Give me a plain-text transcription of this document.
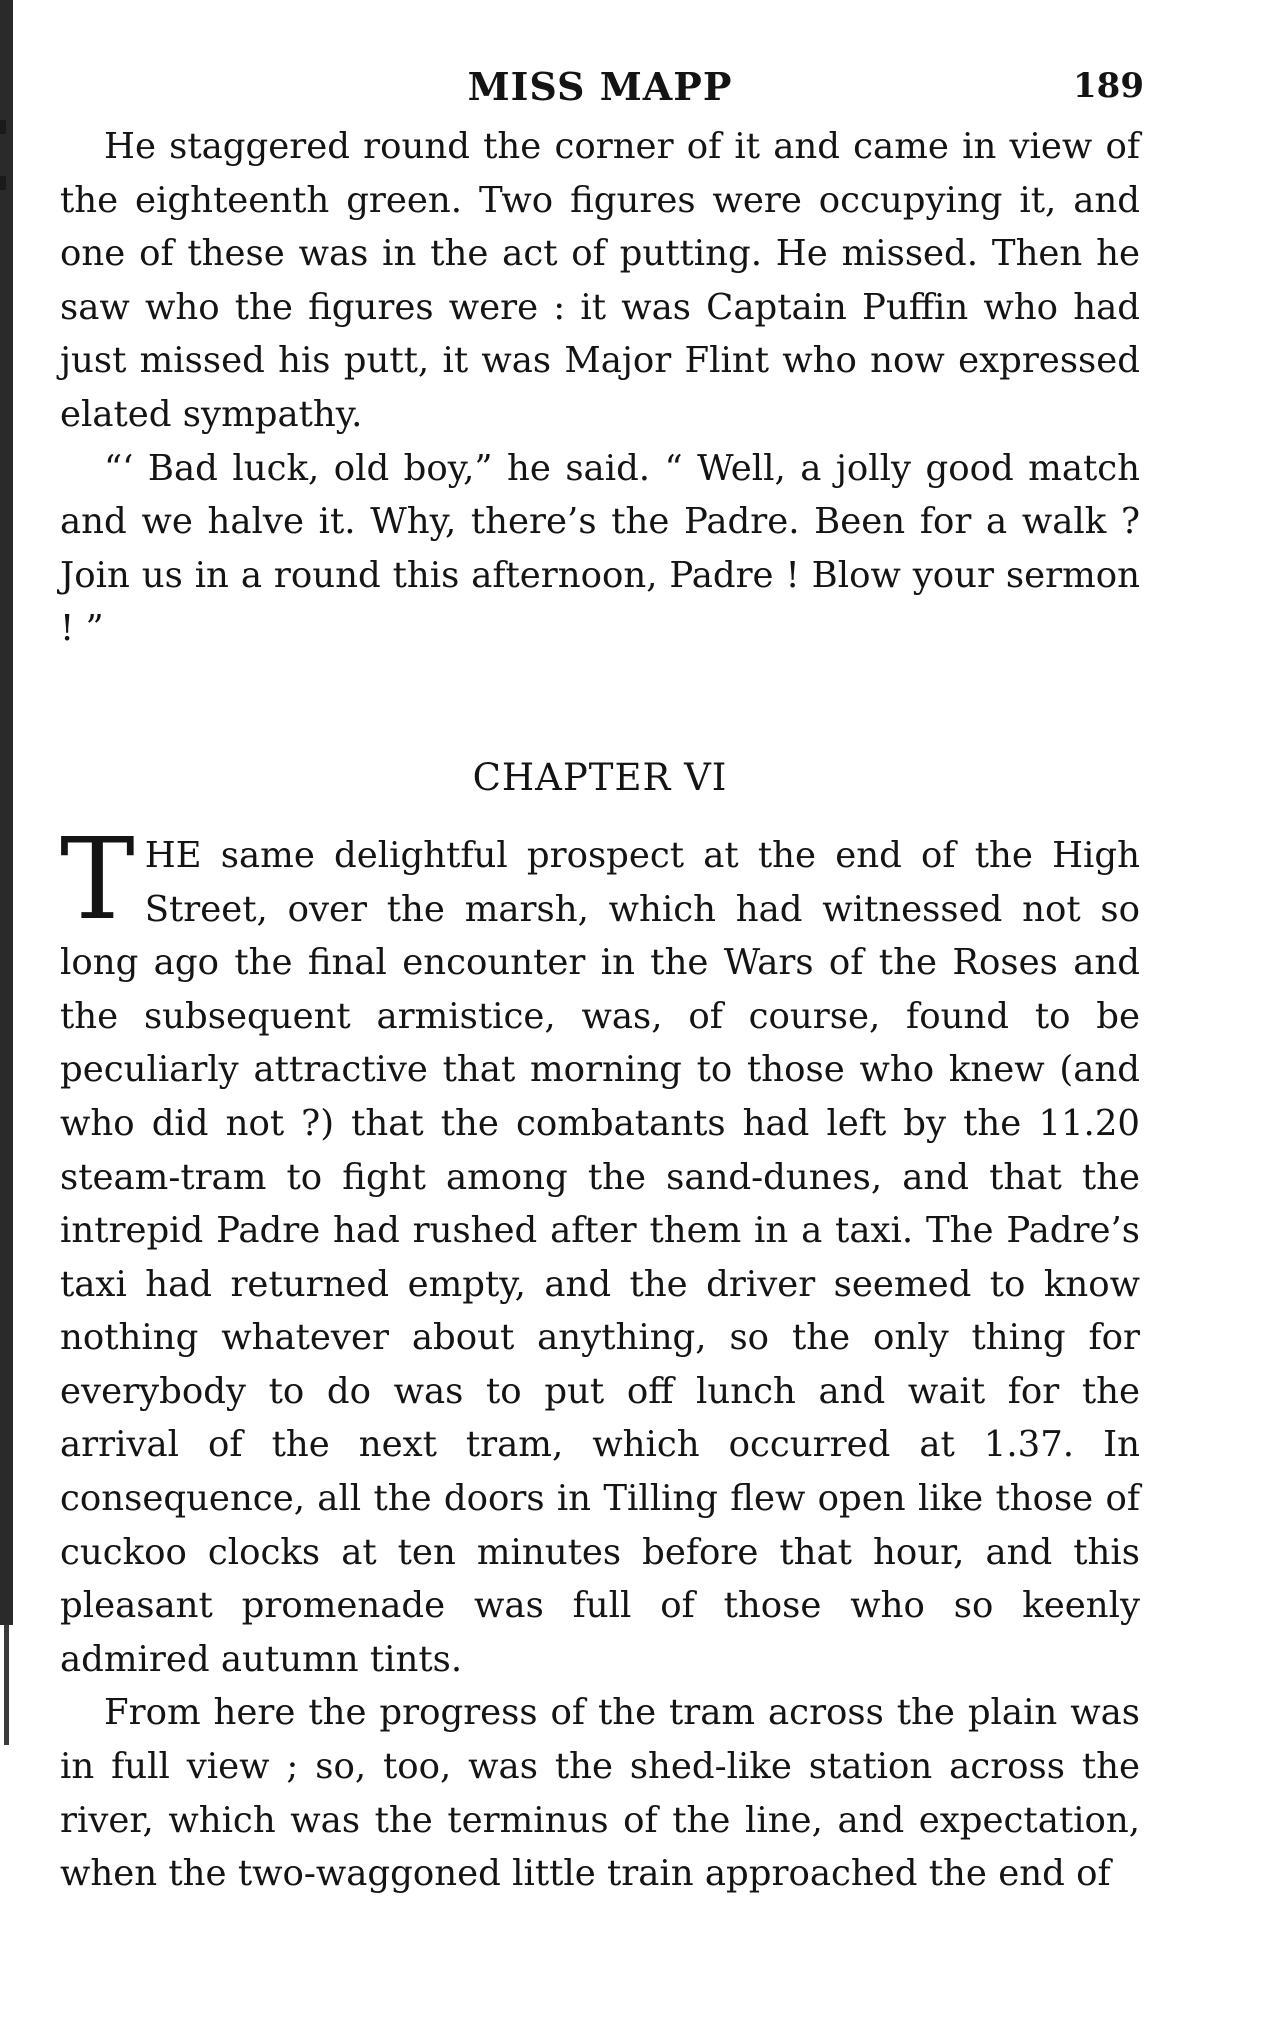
MISS MAPP	189

He staggered round the corner of it and came in view of the eighteenth green. Two figures were occupying it, and one of these was in the act of putting. He missed. Then he saw who the figures were : it was Captain Puffin who had just missed his putt, it was Major Flint who now expressed elated sympathy.

“‘ Bad luck, old boy,” he said. “ Well, a jolly good match and we halve it. Why, there’s the Padre. Been for a walk ? Join us in a round this afternoon, Padre ! Blow your sermon ! ”

CHAPTER VI

THE same delightful prospect at the end of the High Street, over the marsh, which had witnessed not so long ago the final encounter in the Wars of the Roses and the subsequent armistice, was, of course, found to be peculiarly attractive that morning to those who knew (and who did not ?) that the combatants had left by the 11.20 steam-tram to fight among the sand-dunes, and that the intrepid Padre had rushed after them in a taxi. The Padre’s taxi had returned empty, and the driver seemed to know nothing whatever about anything, so the only thing for everybody to do was to put off lunch and wait for the arrival of the next tram, which occurred at 1.37. In consequence, all the doors in Tilling flew open like those of cuckoo clocks at ten minutes before that hour, and this pleasant promenade was full of those who so keenly admired autumn tints.

From here the progress of the tram across the plain was in full view ; so, too, was the shed-like station across the river, which was the terminus of the line, and expectation, when the two-waggoned little train approached the end of
